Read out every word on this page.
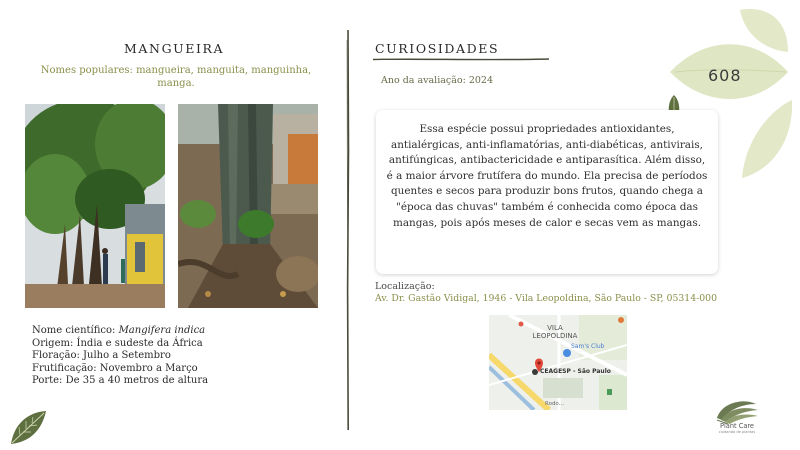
608
MANGUEIRA
Nomes populares: mangueira, manguita, manguinha, manga.
Nome científico: Mangifera indica
Origem: Índia e sudeste da África
Floração: Julho a Setembro
Frutificação: Novembro a Março
Porte: De 35 a 40 metros de altura
CURIOSIDADES
Ano da avaliação: 2024
Essa espécie possui propriedades antioxidantes, antialérgicas, anti-inflamatórias, anti-diabéticas, antivirais, antifúngicas, antibactericidade e antiparasítica. Além disso, é a maior árvore frutífera do mundo. Ela precisa de períodos quentes e secos para produzir bons frutos, quando chega a "época das chuvas" também é conhecida como época das mangas, pois após meses de calor e secas vem as mangas.
Localização:
Av. Dr. Gastão Vidigal, 1946 - Vila Leopoldina, São Paulo - SP, 05314-000
VILA
LEOPOLDINA
Sam's Club
CEAGESP - São Paulo
Rodo...
Plant Care
cuidando de plantas
